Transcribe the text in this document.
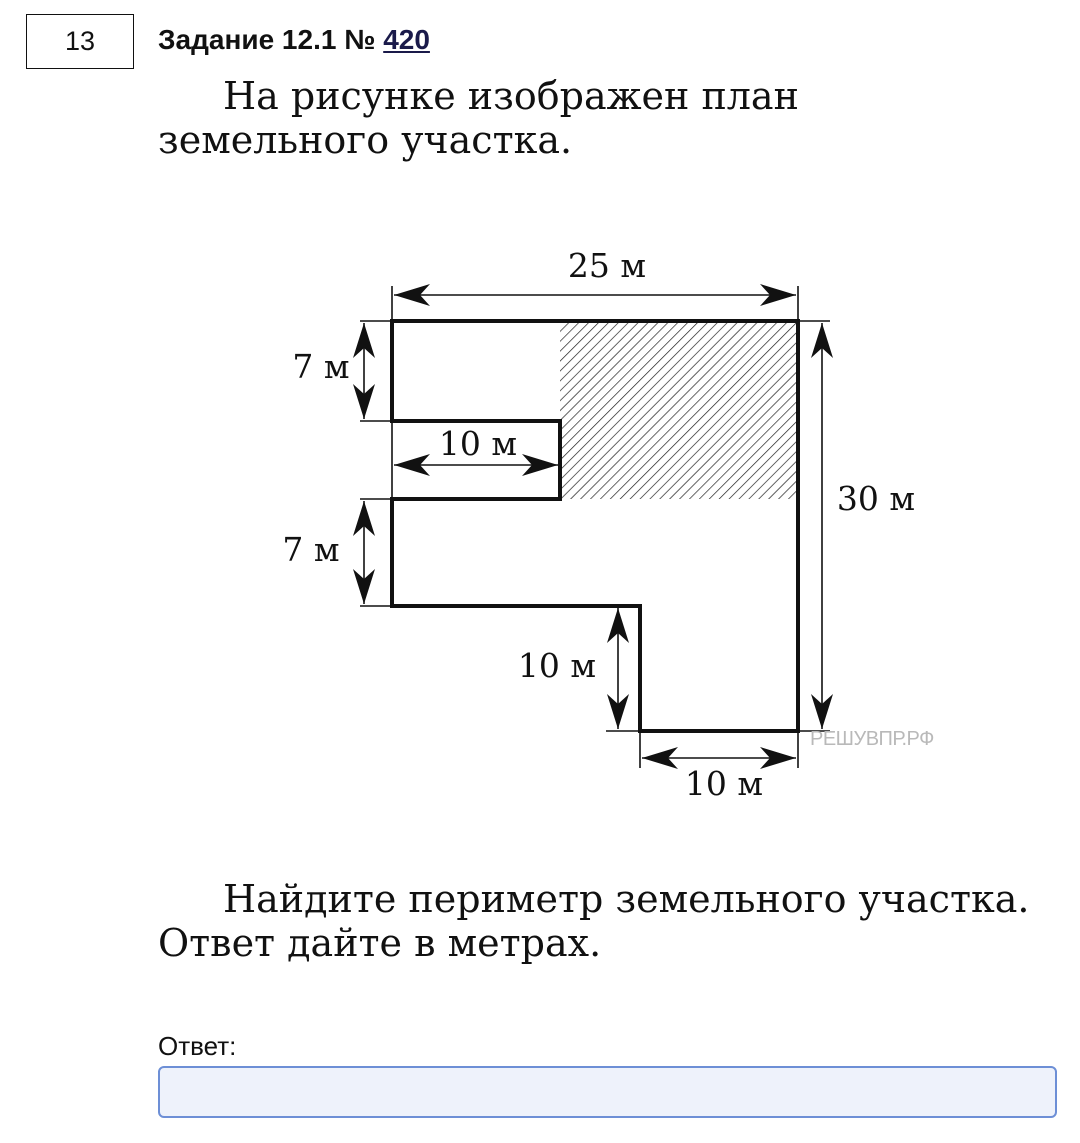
13 Задание 12.1 № 420
На рисунке изображен план земельного участка.
25 м
30 м
7 м
10 м
7 м
10 м
10 м
РЕШУВПР.РФ
Найдите периметр земельного участка. Ответ дайте в метрах.
Ответ:
